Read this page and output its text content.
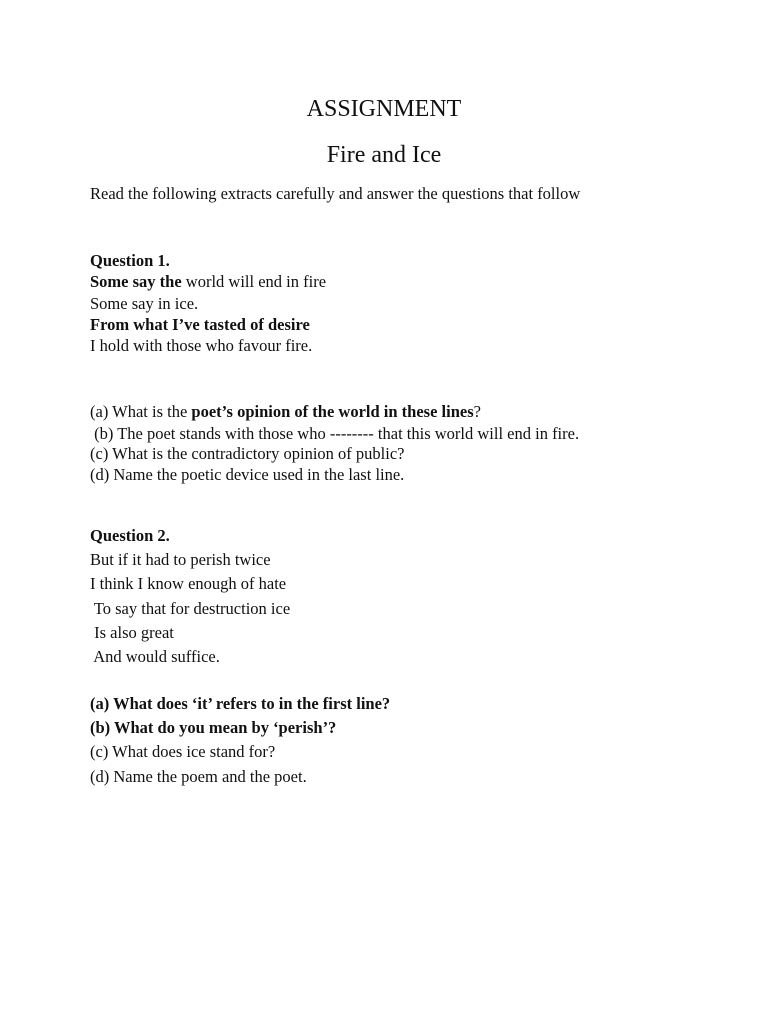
ASSIGNMENT
Fire and Ice

Read the following extracts carefully and answer the questions that follow

Question 1.

Some say the world will end in fire

Some say in ice.

From what I’ve tasted of desire

I hold with those who favour fire.

(a) What is the poet’s opinion of the world in these lines?

(b) The poet stands with those who -------- that this world will end in fire.

(c) What is the contradictory opinion of public?

(d) Name the poetic device used in the last line.

Question 2.

But if it had to perish twice

I think I know enough of hate

To say that for destruction ice

Is also great

And would suffice.

(a) What does ‘it’ refers to in the first line?

(b) What do you mean by ‘perish’?

(c) What does ice stand for?

(d) Name the poem and the poet.
